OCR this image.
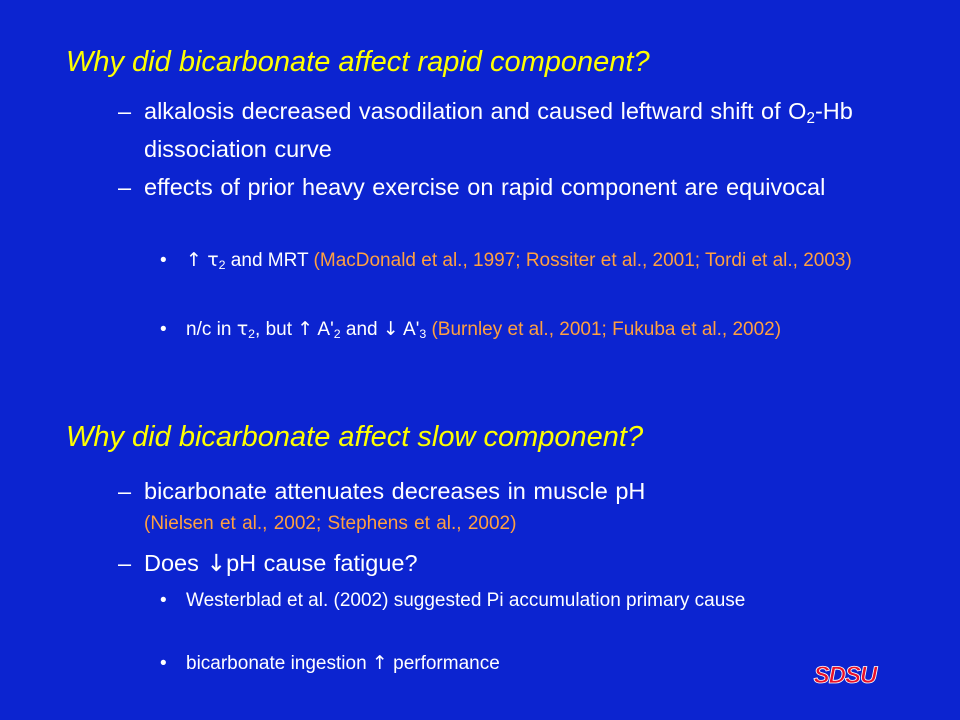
Why did bicarbonate affect rapid component?
– alkalosis decreased vasodilation and caused leftward shift of $O_2-Hb$ dissociation curve
– effects of prior heavy exercise on rapid component are equivocal
•	↑ $\tau_2$ and MRT (MacDonald et al., 1997; Rossiter et al., 2001; Tordi et al., 2003)
•	n/c in $\tau_2$, but ↑ $A'_2$ and ↓ $A'_3$ (Burnley et al., 2001; Fukuba et al., 2002)
Why did bicarbonate affect slow component?
– bicarbonate attenuates decreases in muscle pH
(Nielsen et al., 2002; Stephens et al., 2002)
– Does ↓pH cause fatigue?
•	Westerblad et al. (2002) suggested Pi accumulation primary cause
•	bicarbonate ingestion ↑ performance	SDSU
